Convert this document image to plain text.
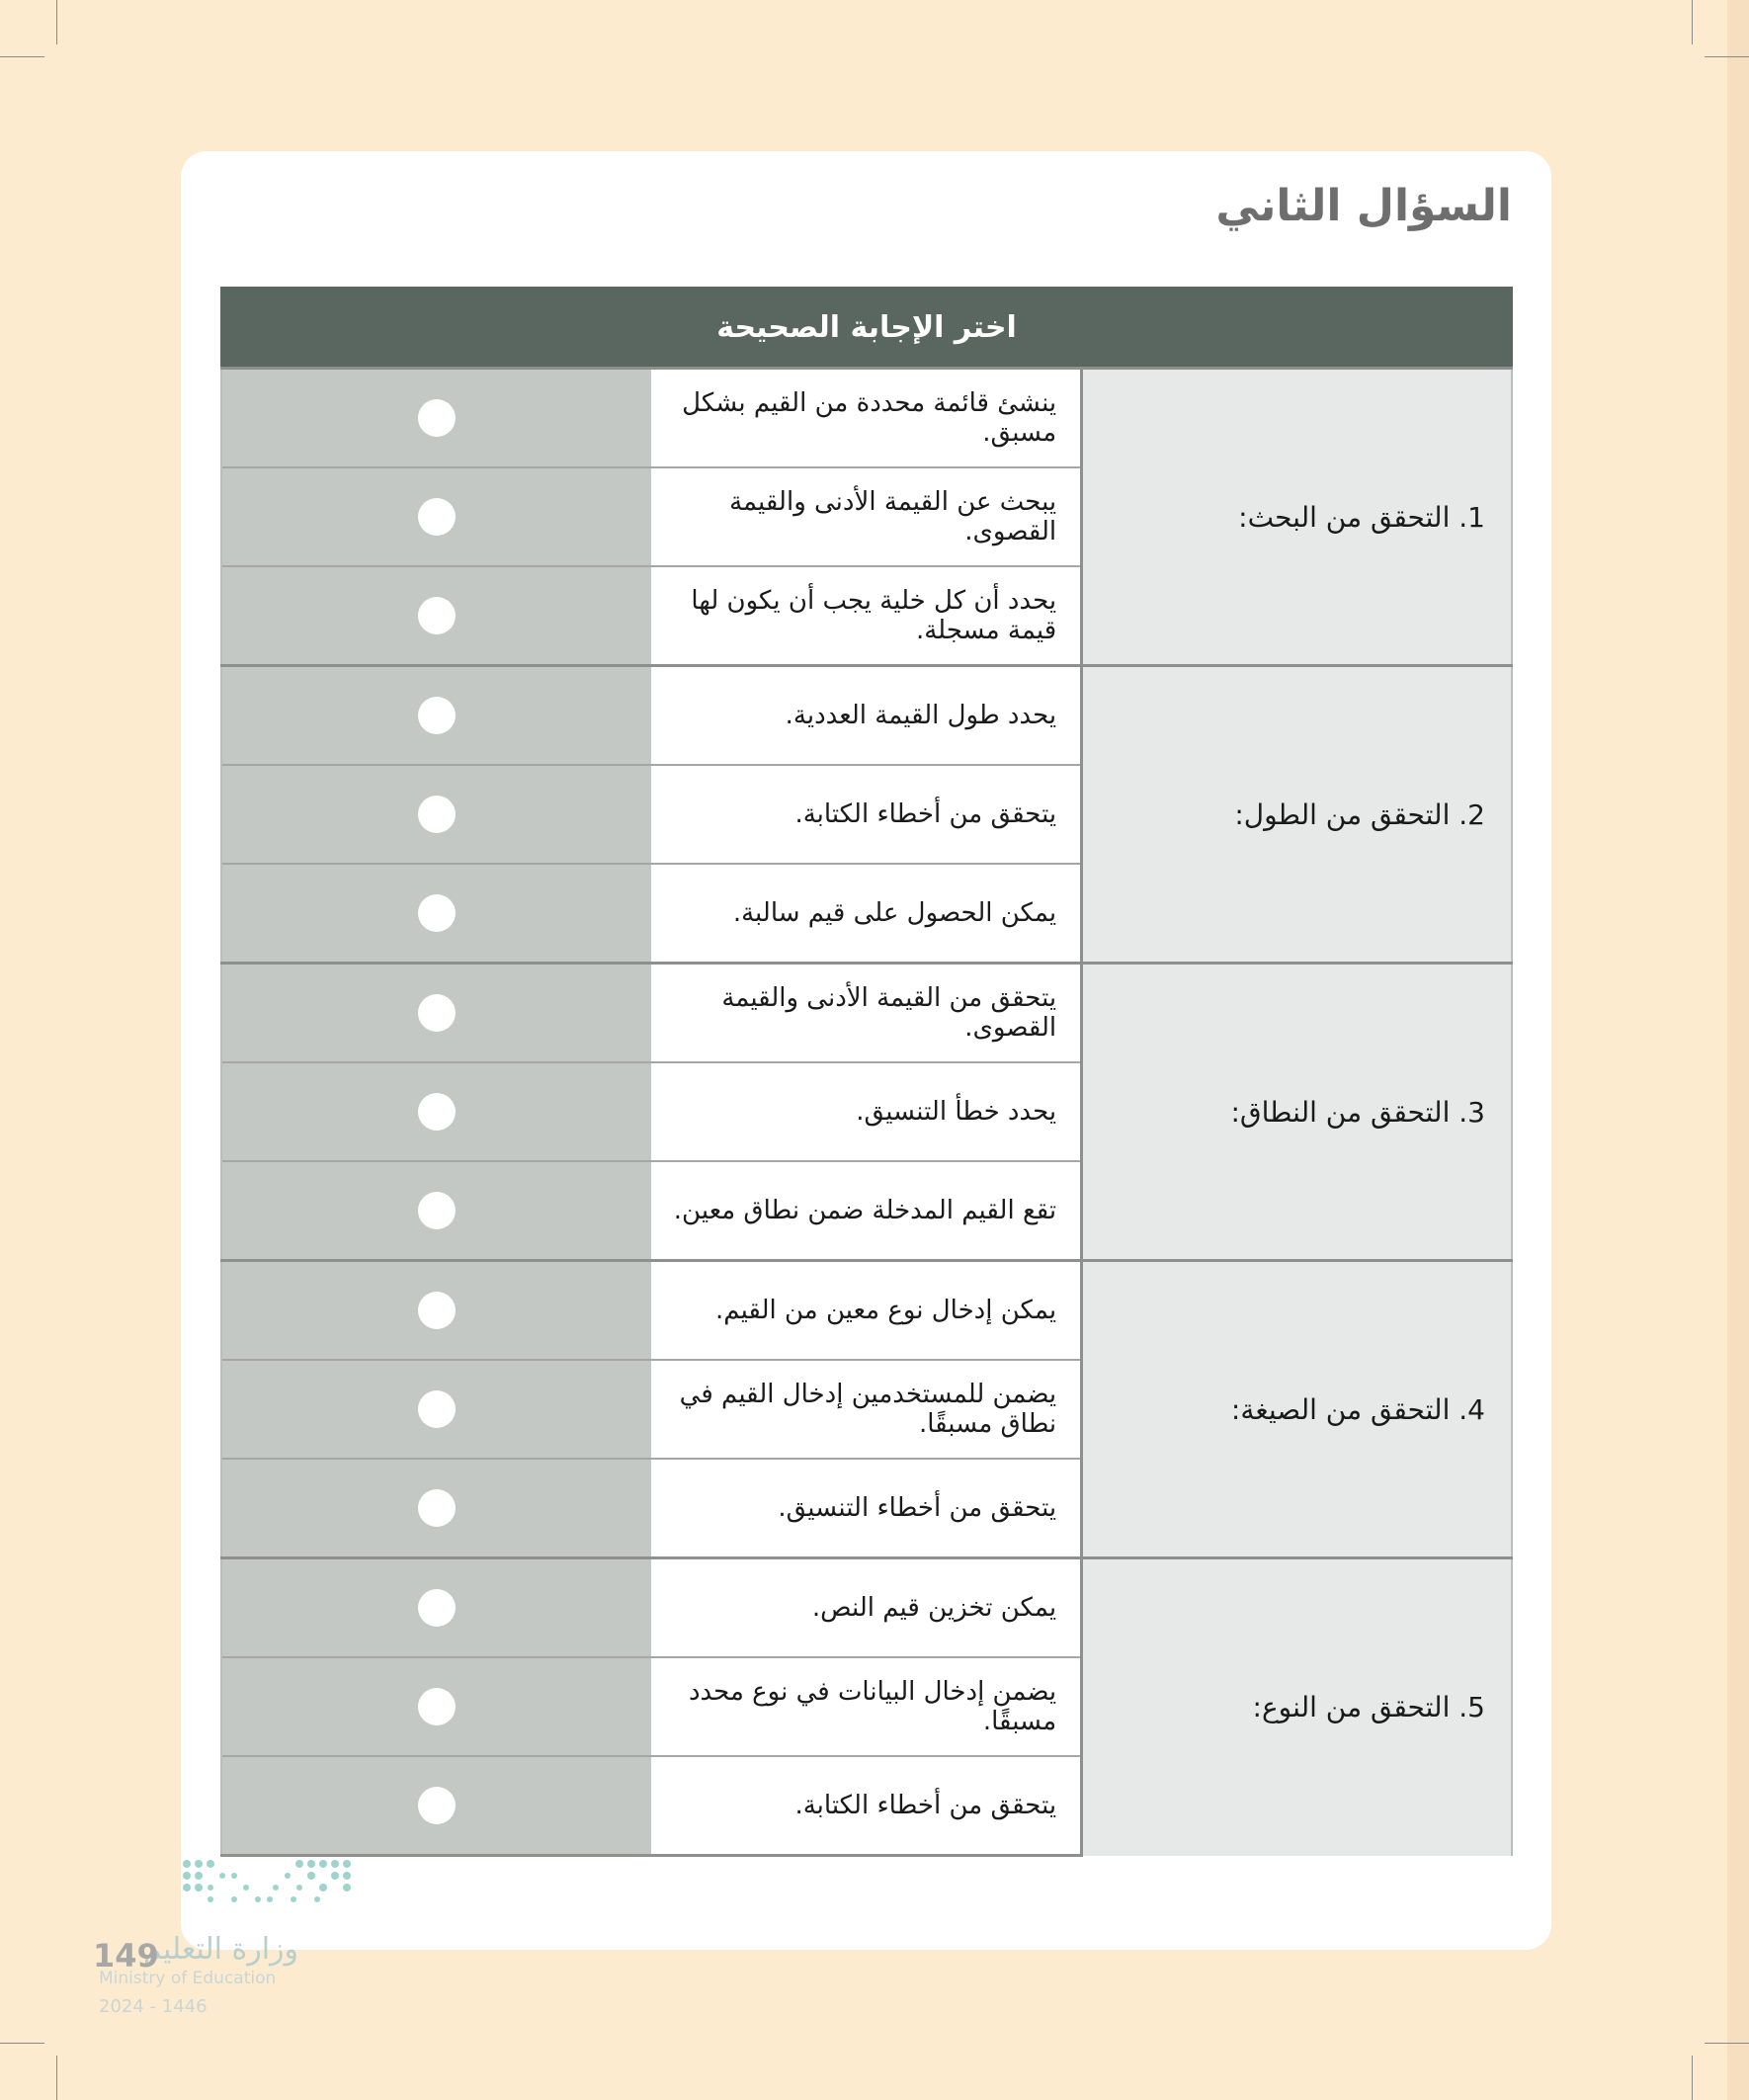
السؤال الثاني
اختر الإجابة الصحيحة		
1. التحقق من البحث:	ينشئ قائمة محددة من القيم بشكل مسبق.	
	يبحث عن القيمة الأدنى والقيمة القصوى.	
	يحدد أن كل خلية يجب أن يكون لها قيمة مسجلة.	
2. التحقق من الطول:	يحدد طول القيمة العددية.	
	يتحقق من أخطاء الكتابة.	
	يمكن الحصول على قيم سالبة.	
3. التحقق من النطاق:	يتحقق من القيمة الأدنى والقيمة القصوى.	
	يحدد خطأ التنسيق.	
	تقع القيم المدخلة ضمن نطاق معين.	
4. التحقق من الصيغة:	يمكن إدخال نوع معين من القيم.	
	يضمن للمستخدمين إدخال القيم في نطاق مسبقًا.	
	يتحقق من أخطاء التنسيق.	
5. التحقق من النوع:	يمكن تخزين قيم النص.	
	يضمن إدخال البيانات في نوع محدد مسبقًا.	
	يتحقق من أخطاء الكتابة.	
وزارة التعليم
149
Ministry of Education
2024 - 1446
